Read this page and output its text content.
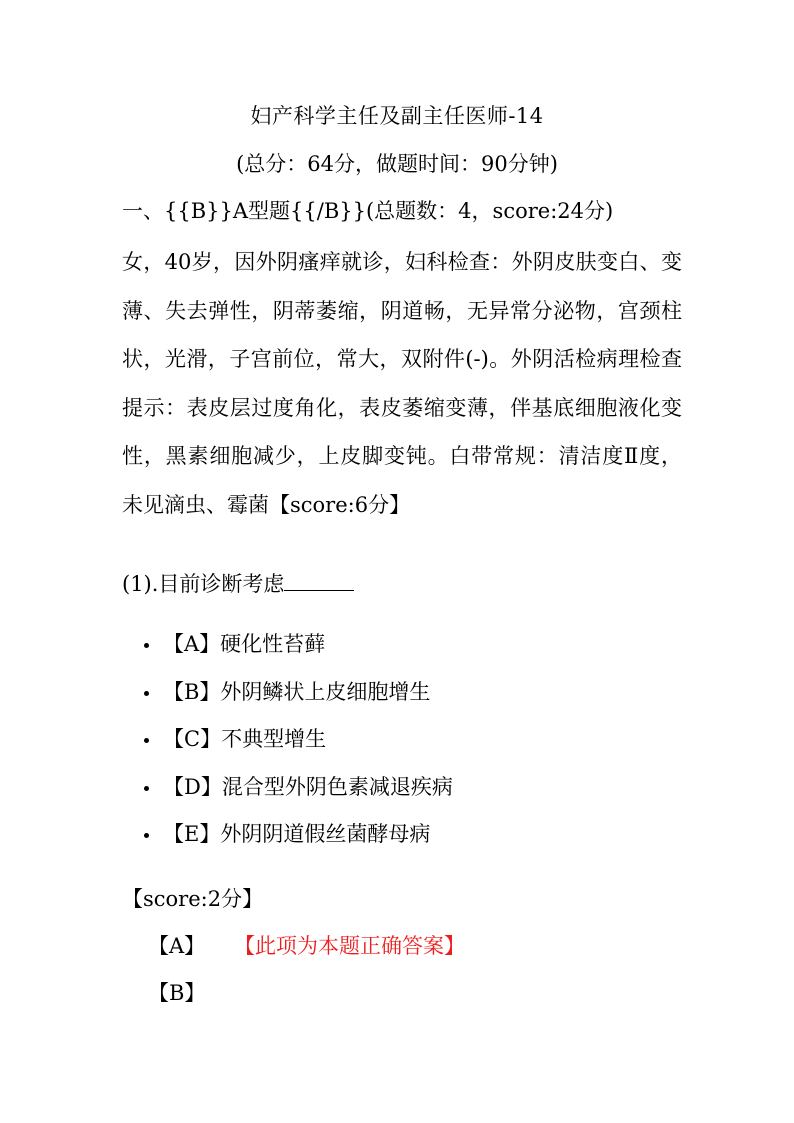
妇产科学主任及副主任医师-14
(总分：64分，做题时间：90分钟)
一、{{B}}A型题{{/B}}(总题数：4，score:24分)
女，40岁，因外阴瘙痒就诊，妇科检查：外阴皮肤变白、变薄、失去弹性，阴蒂萎缩，阴道畅，无异常分泌物，宫颈柱状，光滑，子宫前位，常大，双附件(-)。外阴活检病理检查提示：表皮层过度角化，表皮萎缩变薄，伴基底细胞液化变性，黑素细胞减少，上皮脚变钝。白带常规：清洁度Ⅱ度，未见滴虫、霉菌【score:6分】
(1).目前诊断考虑
【A】硬化性苔藓
【B】外阴鳞状上皮细胞增生
【C】不典型增生
【D】混合型外阴色素减退疾病
【E】外阴阴道假丝菌酵母病
【score:2分】
【A】 【此项为本题正确答案】
【B】
